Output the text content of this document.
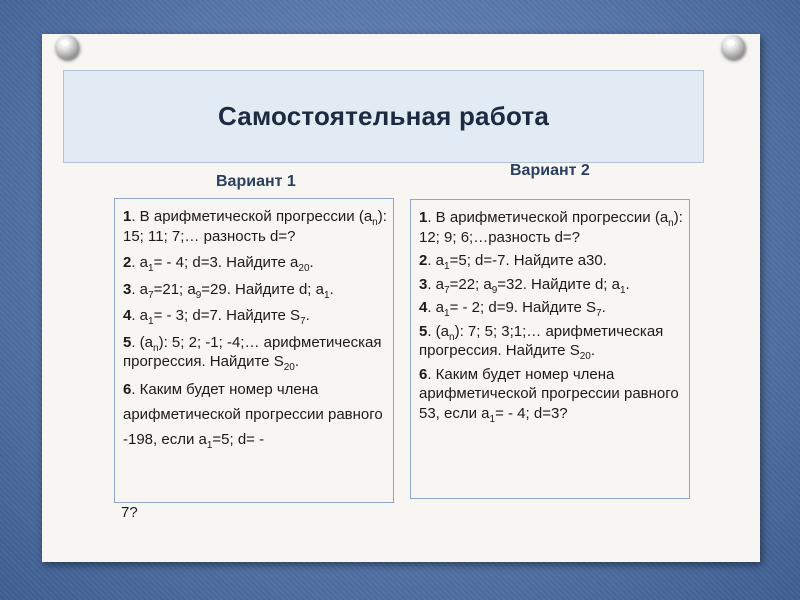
Самостоятельная работа
Вариант 1
Вариант 2

1. В арифметической прогрессии $(a_n)$: 15; 11; 7;… разность d=?

2. $a_1= - 4$; d=3. Найдите $a_{20}$.

3. $a_7=21$; $a_9=29$. Найдите d; $a_1$.

4. $a_1= - 3$; d=7. Найдите $S_7$.

5. $(a_n)$: 5; 2; -1; -4;… арифметическая прогрессия. Найдите $S_{20}$.

6. Каким будет номер члена арифметической прогрессии равного -198, если $a_1=5$; d= -

7?

1. В арифметической прогрессии $(a_n)$: 12; 9; 6;…разность d=?

2. $a_1=5$; d=-7. Найдите a30.

3. $a_7=22$; $a_9=32$. Найдите d; $a_1$.

4. $a_1= - 2$; d=9. Найдите $S_7$.

5. $(a_n)$: 7; 5; 3;1;… арифметическая прогрессия. Найдите $S_{20}$.

6. Каким будет номер члена арифметической прогрессии равного 53, если $a_1= - 4$; d=3?
